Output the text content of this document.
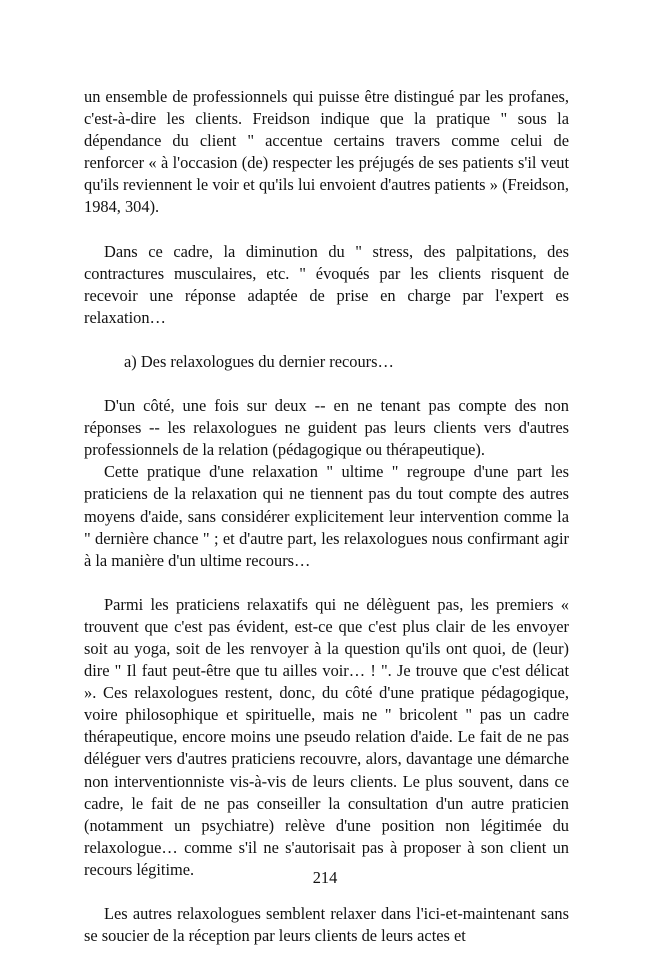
un ensemble de professionnels qui puisse être distingué par les profanes, c'est-à-dire les clients. Freidson indique que la pratique " sous la dépendance du client " accentue certains travers comme celui de renforcer « à l'occasion (de) respecter les préjugés de ses patients s'il veut qu'ils reviennent le voir et qu'ils lui envoient d'autres patients » (Freidson, 1984, 304).

Dans ce cadre, la diminution du " stress, des palpitations, des contractures musculaires, etc. " évoqués par les clients risquent de recevoir une réponse adaptée de prise en charge par l'expert es relaxation…

a) Des relaxologues du dernier recours…

D'un côté, une fois sur deux -- en ne tenant pas compte des non réponses -- les relaxologues ne guident pas leurs clients vers d'autres professionnels de la relation (pédagogique ou thérapeutique).

Cette pratique d'une relaxation " ultime " regroupe d'une part les praticiens de la relaxation qui ne tiennent pas du tout compte des autres moyens d'aide, sans considérer explicitement leur intervention comme la " dernière chance " ; et d'autre part, les relaxologues nous confirmant agir à la manière d'un ultime recours…

Parmi les praticiens relaxatifs qui ne délèguent pas, les premiers « trouvent que c'est pas évident, est-ce que c'est plus clair de les envoyer soit au yoga, soit de les renvoyer à la question qu'ils ont quoi, de (leur) dire " Il faut peut-être que tu ailles voir… ! ". Je trouve que c'est délicat ». Ces relaxologues restent, donc, du côté d'une pratique pédagogique, voire philosophique et spirituelle, mais ne " bricolent " pas un cadre thérapeutique, encore moins une pseudo relation d'aide. Le fait de ne pas déléguer vers d'autres praticiens recouvre, alors, davantage une démarche non interventionniste vis-à-vis de leurs clients. Le plus souvent, dans ce cadre, le fait de ne pas conseiller la consultation d'un autre praticien (notamment un psychiatre) relève d'une position non légitimée du relaxologue… comme s'il ne s'autorisait pas à proposer à son client un recours légitime.

Les autres relaxologues semblent relaxer dans l'ici-et-maintenant sans se soucier de la réception par leurs clients de leurs actes et

214
